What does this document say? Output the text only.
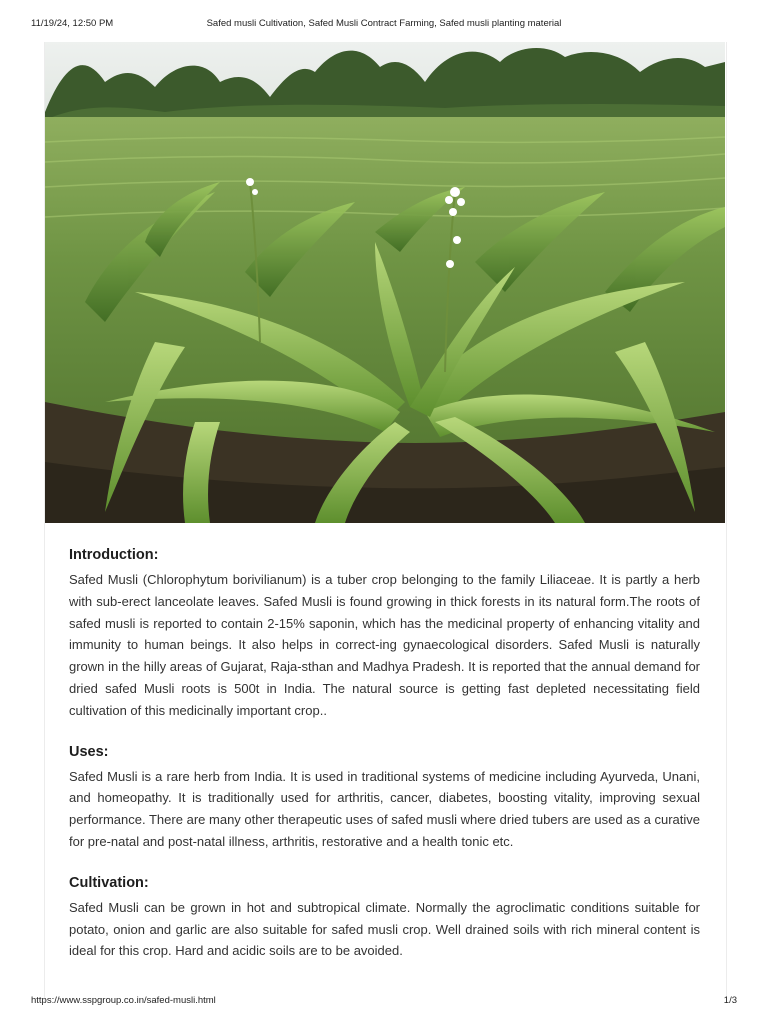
11/19/24, 12:50 PM	Safed musli Cultivation, Safed Musli Contract Farming, Safed musli planting material
Introduction:

Safed Musli (Chlorophytum borivilianum) is a tuber crop belonging to the family Liliaceae. It is partly a herb with sub-erect lanceolate leaves. Safed Musli is found growing in thick forests in its natural form.The roots of safed musli is reported to contain 2-15% saponin, which has the medicinal property of enhancing vitality and immunity to human beings. It also helps in correct-ing gynaecological disorders. Safed Musli is naturally grown in the hilly areas of Gujarat, Raja-sthan and Madhya Pradesh. It is reported that the annual demand for dried safed Musli roots is 500t in India. The natural source is getting fast depleted necessitating field cultivation of this medicinally important crop..

Uses:

Safed Musli is a rare herb from India. It is used in traditional systems of medicine including Ayurveda, Unani, and homeopathy. It is traditionally used for arthritis, cancer, diabetes, boosting vitality, improving sexual performance. There are many other therapeutic uses of safed musli where dried tubers are used as a curative for pre-natal and post-natal illness, arthritis, restorative and a health tonic etc.

Cultivation:

Safed Musli can be grown in hot and subtropical climate. Normally the agroclimatic conditions suitable for potato, onion and garlic are also suitable for safed musli crop. Well drained soils with rich mineral content is ideal for this crop. Hard and acidic soils are to be avoided.

https://www.sspgroup.co.in/safed-musli.html	1/3
